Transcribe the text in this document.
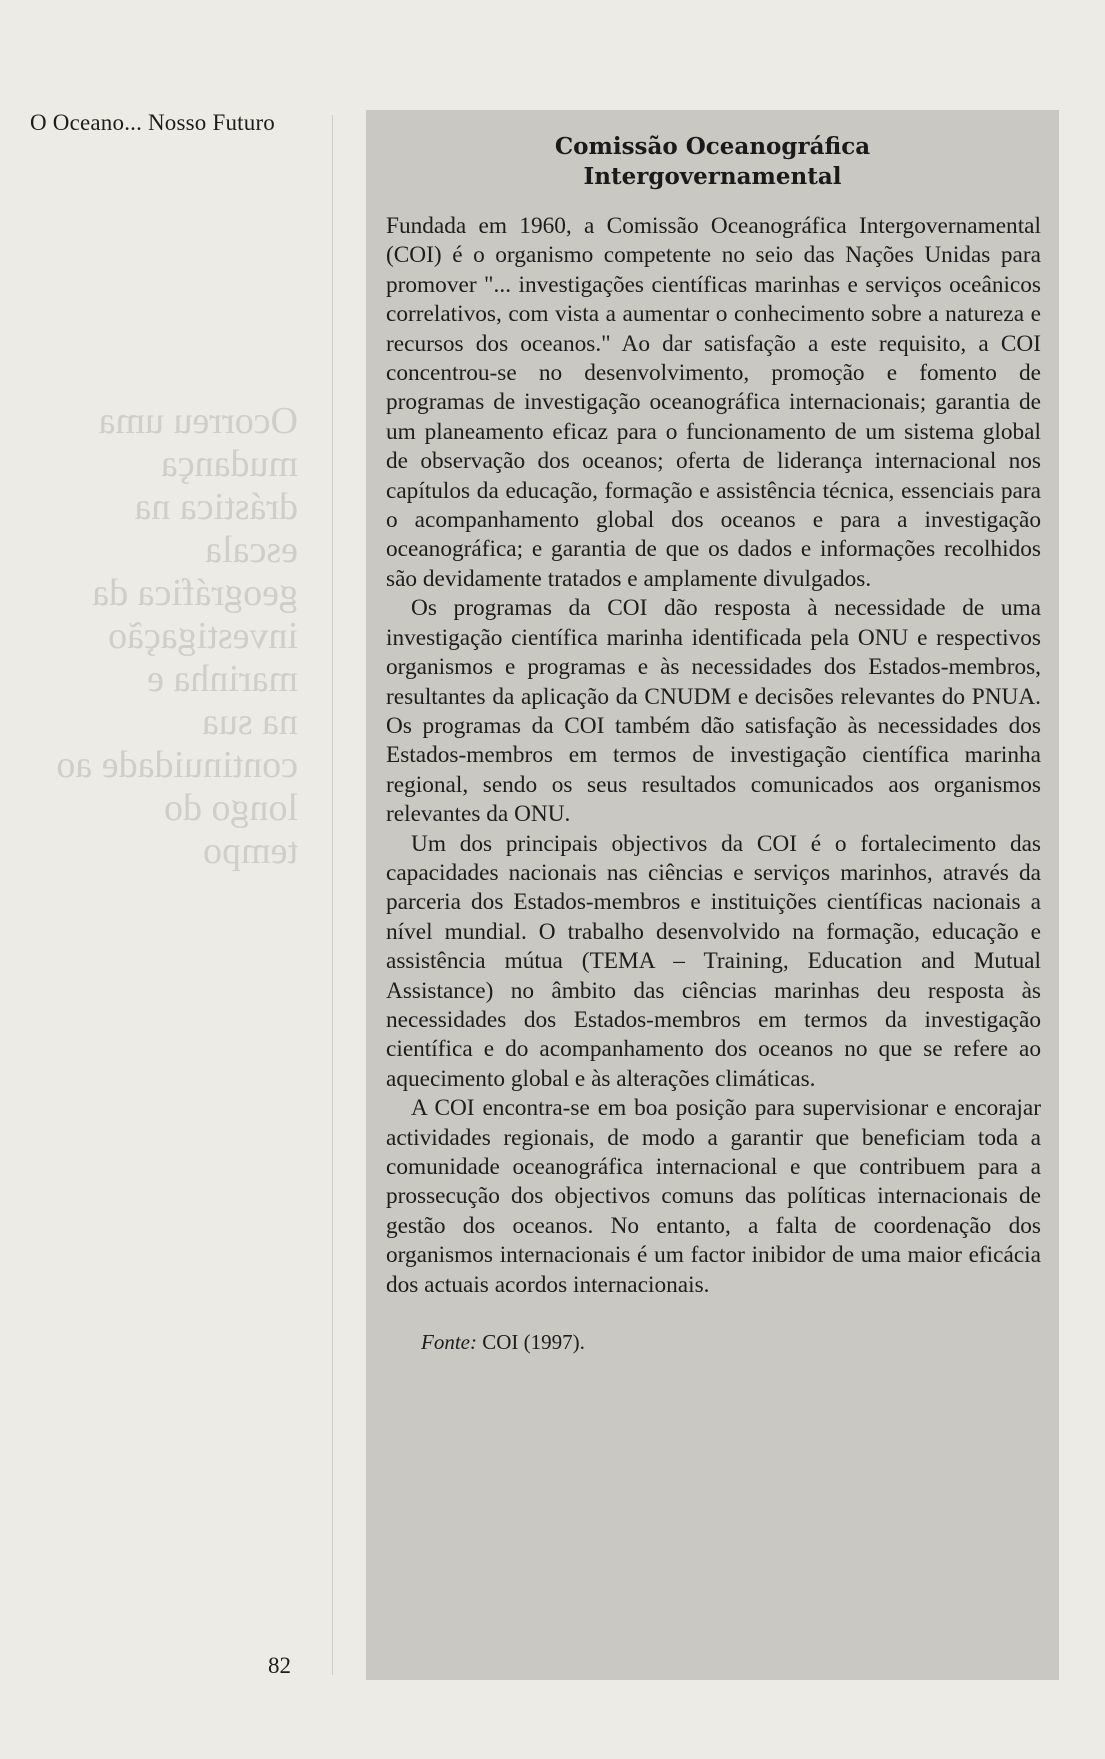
O Oceano... Nosso Futuro
Ocorreu uma
mudança
drástica na
escala
geográfica da
investigação
marinha e
na sua
continuidade ao
longo do
tempo
Comissão Oceanográfica
Intergovernamental

Fundada em 1960, a Comissão Oceanográfica Intergovernamental (COI) é o organismo competente no seio das Nações Unidas para promover "... investigações científicas marinhas e serviços oceânicos correlativos, com vista a aumentar o conhecimento sobre a natureza e recursos dos oceanos." Ao dar satisfação a este requisito, a COI concentrou-se no desenvolvimento, promoção e fomento de programas de investigação oceanográfica internacionais; garantia de um planeamento eficaz para o funcionamento de um sistema global de observação dos oceanos; oferta de liderança internacional nos capítulos da educação, formação e assistência técnica, essenciais para o acompanhamento global dos oceanos e para a investigação oceanográfica; e garantia de que os dados e informações recolhidos são devidamente tratados e amplamente divulgados.

Os programas da COI dão resposta à necessidade de uma investigação científica marinha identificada pela ONU e respectivos organismos e programas e às necessidades dos Estados-membros, resultantes da aplicação da CNUDM e decisões relevantes do PNUA. Os programas da COI também dão satisfação às necessidades dos Estados-membros em termos de investigação científica marinha regional, sendo os seus resultados comunicados aos organismos relevantes da ONU.

Um dos principais objectivos da COI é o fortalecimento das capacidades nacionais nas ciências e serviços marinhos, através da parceria dos Estados-membros e instituições científicas nacionais a nível mundial. O trabalho desenvolvido na formação, educação e assistência mútua (TEMA – Training, Education and Mutual Assistance) no âmbito das ciências marinhas deu resposta às necessidades dos Estados-membros em termos da investigação científica e do acompanhamento dos oceanos no que se refere ao aquecimento global e às alterações climáticas.

A COI encontra-se em boa posição para supervisionar e encorajar actividades regionais, de modo a garantir que beneficiam toda a comunidade oceanográfica internacional e que contribuem para a prossecução dos objectivos comuns das políticas internacionais de gestão dos oceanos. No entanto, a falta de coordenação dos organismos internacionais é um factor inibidor de uma maior eficácia dos actuais acordos internacionais.

Fonte: COI (1997).
82
